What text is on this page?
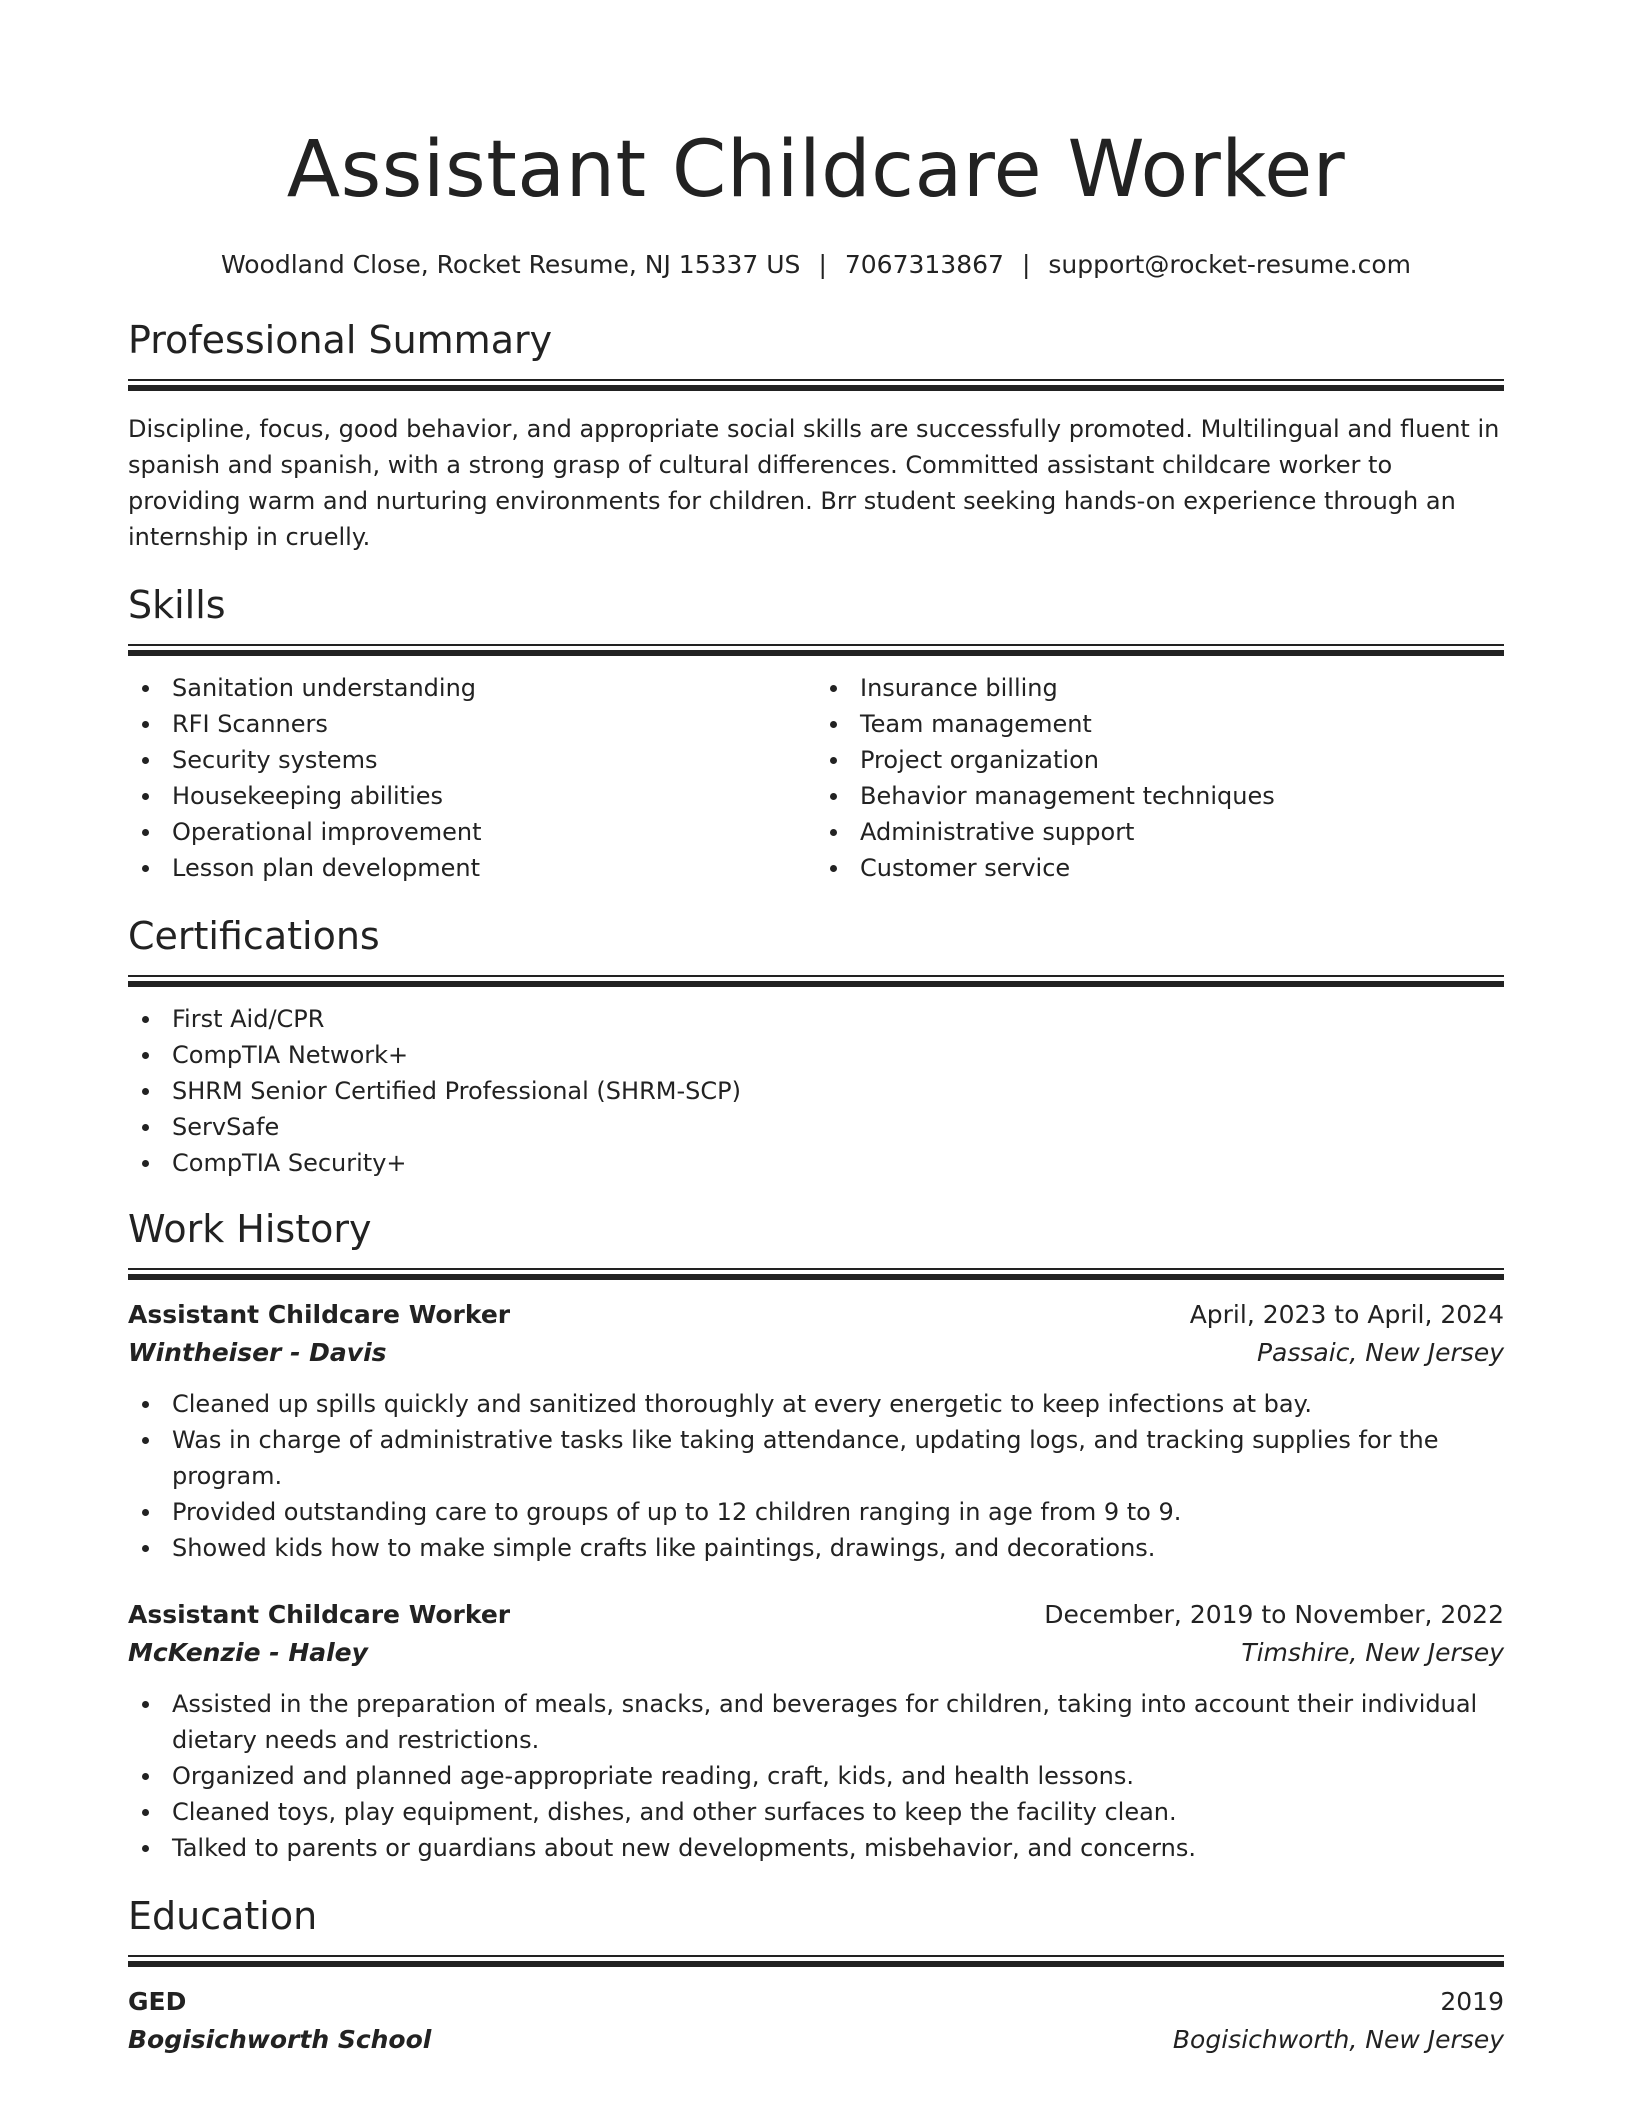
Assistant Childcare Worker
Woodland Close, Rocket Resume, NJ 15337 US | 7067313867 | support@rocket-resume.com
Professional Summary
Discipline, focus, good behavior, and appropriate social skills are successfully promoted. Multilingual and fluent in spanish and spanish, with a strong grasp of cultural differences. Committed assistant childcare worker to providing warm and nurturing environments for children. Brr student seeking hands-on experience through an internship in cruelly.
Skills
Sanitation understanding
RFI Scanners
Security systems
Housekeeping abilities
Operational improvement
Lesson plan development
Insurance billing
Team management
Project organization
Behavior management techniques
Administrative support
Customer service
Certifications
First Aid/CPR
CompTIA Network+
SHRM Senior Certified Professional (SHRM-SCP)
ServSafe
CompTIA Security+
Work History
Assistant Childcare Worker	April, 2023 to April, 2024
Wintheiser - Davis	Passaic, New Jersey
Cleaned up spills quickly and sanitized thoroughly at every energetic to keep infections at bay.
Was in charge of administrative tasks like taking attendance, updating logs, and tracking supplies for the program.
Provided outstanding care to groups of up to 12 children ranging in age from 9 to 9.
Showed kids how to make simple crafts like paintings, drawings, and decorations.
Assistant Childcare Worker	December, 2019 to November, 2022
McKenzie - Haley	Timshire, New Jersey
Assisted in the preparation of meals, snacks, and beverages for children, taking into account their individual dietary needs and restrictions.
Organized and planned age-appropriate reading, craft, kids, and health lessons.
Cleaned toys, play equipment, dishes, and other surfaces to keep the facility clean.
Talked to parents or guardians about new developments, misbehavior, and concerns.
Education
GED	2019
Bogisichworth School	Bogisichworth, New Jersey
